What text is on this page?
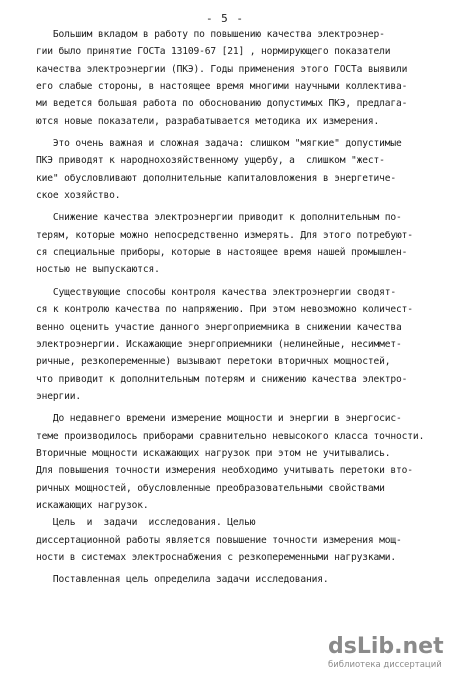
- 5 -
Большим вкладом в работу по повышению качества электроэнер-
гии было принятие ГОСТа 13109-67 [21] , нормирующего показатели
качества электроэнергии (ПКЭ). Годы применения этого ГОСТа выявили
его слабые стороны, в настоящее время многими научными коллектива-
ми ведется большая работа по обоснованию допустимых ПКЭ, предлага-
ются новые показатели, разрабатывается методика их измерения.
Это очень важная и сложная задача: слишком "мягкие" допустимые
ПКЭ приводят к народнохозяйственному ущербу, а  слишком "жест-
кие" обусловливают дополнительные капиталовложения в энергетиче-
ское хозяйство.
Снижение качества электроэнергии приводит к дополнительным по-
терям, которые можно непосредственно измерять. Для этого потребуют-
ся специальные приборы, которые в настоящее время нашей промышлен-
ностью не выпускаются.
Существующие способы контроля качества электроэнергии сводят-
ся к контролю качества по напряжению. При этом невозможно количест-
венно оценить участие данного энергоприемника в снижении качества
электроэнергии. Искажающие энергоприемники (нелинейные, несиммет-
ричные, резкопеременные) вызывают перетоки вторичных мощностей,
что приводит к дополнительным потерям и снижению качества электро-
энергии.
До недавнего времени измерение мощности и энергии в энергосис-
теме производилось приборами сравнительно невысокого класса точности.
Вторичные мощности искажающих нагрузок при этом не учитывались.
Для повышения точности измерения необходимо учитывать перетоки вто-
ричных мощностей, обусловленные преобразовательными свойствами
искажающих нагрузок.
Цель  и  задачи  исследования. Целью
диссертационной работы является повышение точности измерения мощ-
ности в системах электроснабжения с резкопеременными нагрузками.
Поставленная цель определила задачи исследования.
dsLib.net
библиотека диссертаций
